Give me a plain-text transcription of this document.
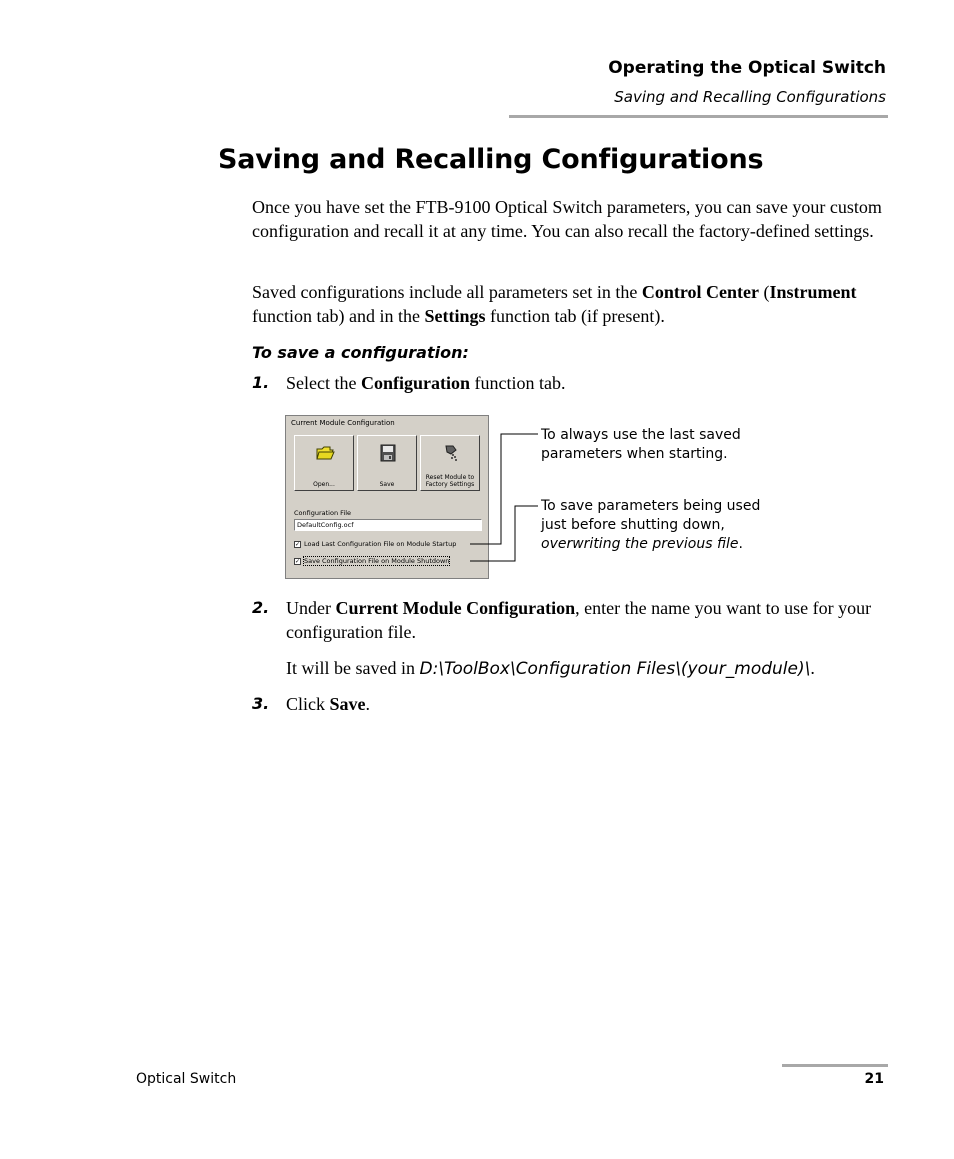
Operating the Optical Switch
Saving and Recalling Configurations
Saving and Recalling Configurations
Once you have set the FTB-9100 Optical Switch parameters, you can save your custom configuration and recall it at any time. You can also recall the factory-defined settings.
Saved configurations include all parameters set in the Control Center (Instrument function tab) and in the Settings function tab (if present).
To save a configuration:
1. Select the Configuration function tab.
Current Module Configuration
Open...	Save
Reset Module to Factory Settings
Configuration File
DefaultConfig.ocf
✓ Load Last Configuration File on Module Startup
✓ Save Configuration File on Module Shutdown
To always use the last saved
parameters when starting.
To save parameters being used
just before shutting down,
overwriting the previous file.
2. Under Current Module Configuration, enter the name you want to use for your configuration file.
It will be saved in D:\ToolBox\Configuration Files\(your_module)\.
3. Click Save.
Optical Switch	21
